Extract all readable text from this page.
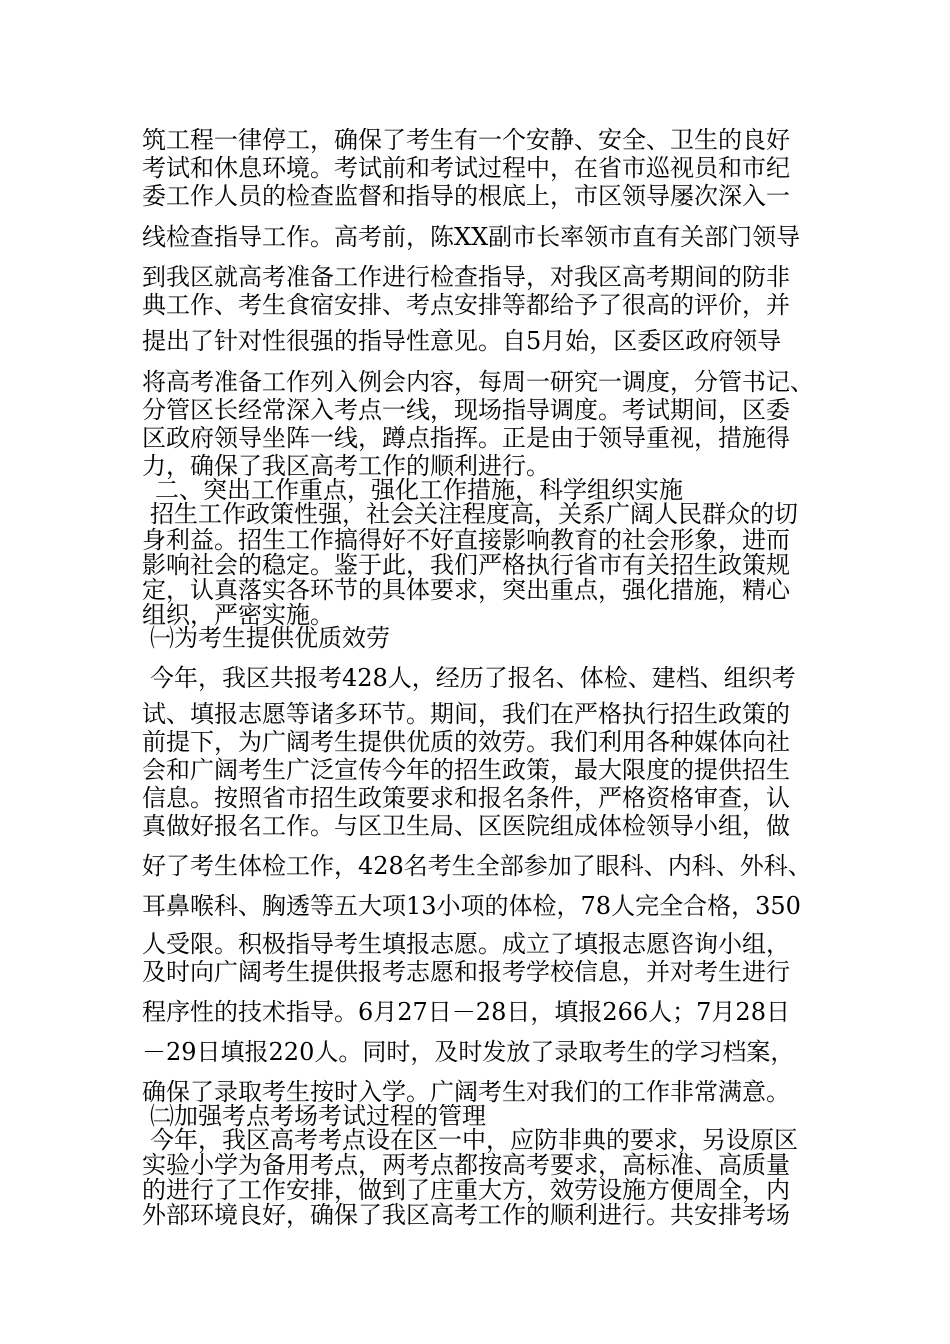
筑工程一律停工，确保了考生有一个安静、安全、卫生的良好
考试和休息环境。考试前和考试过程中，在省市巡视员和市纪
委工作人员的检查监督和指导的根底上，市区领导屡次深入一
线检查指导工作。高考前，陈XX副市长率领市直有关部门领导
到我区就高考准备工作进行检查指导，对我区高考期间的防非
典工作、考生食宿安排、考点安排等都给予了很高的评价，并
提出了针对性很强的指导性意见。自5月始，区委区政府领导
将高考准备工作列入例会内容，每周一研究一调度，分管书记、
分管区长经常深入考点一线，现场指导调度。考试期间，区委
区政府领导坐阵一线，蹲点指挥。正是由于领导重视，措施得
力，确保了我区高考工作的顺利进行。
二、突出工作重点，强化工作措施，科学组织实施
招生工作政策性强，社会关注程度高，关系广阔人民群众的切
身利益。招生工作搞得好不好直接影响教育的社会形象，进而
影响社会的稳定。鉴于此，我们严格执行省市有关招生政策规
定，认真落实各环节的具体要求，突出重点，强化措施，精心
组织，严密实施。
㈠为考生提供优质效劳
今年，我区共报考428人，经历了报名、体检、建档、组织考
试、填报志愿等诸多环节。期间，我们在严格执行招生政策的
前提下，为广阔考生提供优质的效劳。我们利用各种媒体向社
会和广阔考生广泛宣传今年的招生政策，最大限度的提供招生
信息。按照省市招生政策要求和报名条件，严格资格审查，认
真做好报名工作。与区卫生局、区医院组成体检领导小组，做
好了考生体检工作，428名考生全部参加了眼科、内科、外科、
耳鼻喉科、胸透等五大项13小项的体检，78人完全合格，350
人受限。积极指导考生填报志愿。成立了填报志愿咨询小组，
及时向广阔考生提供报考志愿和报考学校信息，并对考生进行
程序性的技术指导。6月27日－28日，填报266人；7月28日
－29日填报220人。同时，及时发放了录取考生的学习档案，
确保了录取考生按时入学。广阔考生对我们的工作非常满意。
㈡加强考点考场考试过程的管理
今年，我区高考考点设在区一中，应防非典的要求，另设原区
实验小学为备用考点，两考点都按高考要求，高标准、高质量
的进行了工作安排，做到了庄重大方，效劳设施方便周全，内
外部环境良好，确保了我区高考工作的顺利进行。共安排考场
